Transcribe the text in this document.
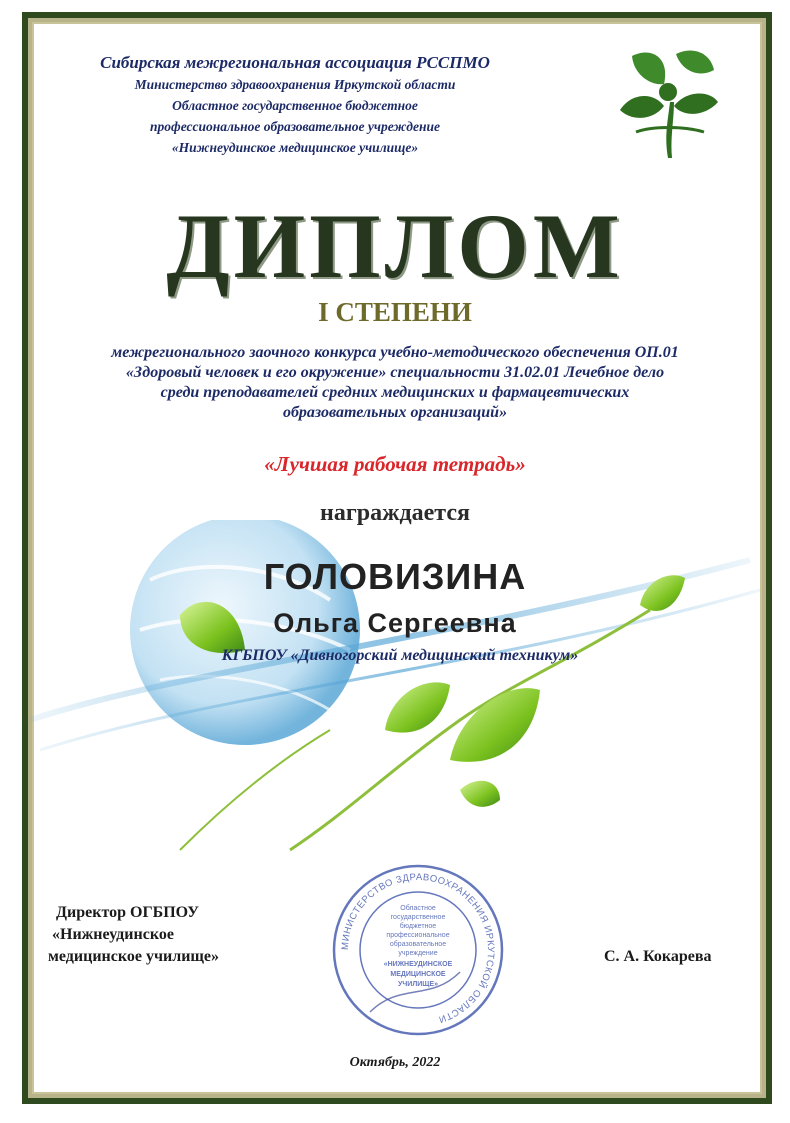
Сибирская межрегиональная ассоциация РССПМО
Министерство здравоохранения Иркутской области
Областное государственное бюджетное
профессиональное образовательное учреждение
«Нижнеудинское медицинское училище»
ДИПЛОМ
I СТЕПЕНИ
межрегионального заочного конкурса учебно-методического обеспечения ОП.01
«Здоровый человек и его окружение» специальности 31.02.01 Лечебное дело
среди преподавателей средних медицинских и фармацевтических
образовательных организаций»
«Лучшая рабочая тетрадь»
награждается
ГОЛОВИЗИНА
Ольга Сергеевна
КГБПОУ «Дивногорский медицинский техникум»
Директор ОГБПОУ
«Нижнеудинское
медицинское училище»
МИНИСТЕРСТВО ЗДРАВООХРАНЕНИЯ ИРКУТСКОЙ ОБЛАСТИ
Областное
государственное
бюджетное
профессиональное
образовательное
учреждение
«НИЖНЕУДИНСКОЕ
МЕДИЦИНСКОЕ
УЧИЛИЩЕ»
С. А. Кокарева
Октябрь, 2022
